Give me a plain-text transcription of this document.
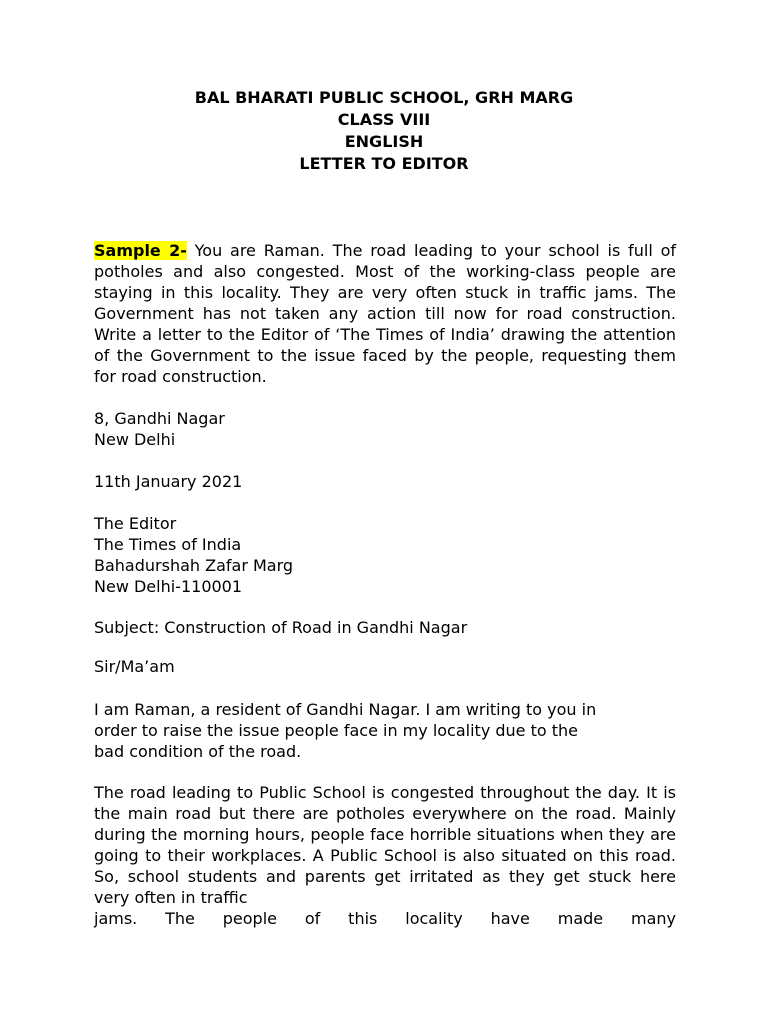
BAL BHARATI PUBLIC SCHOOL, GRH MARG
CLASS VIII
ENGLISH
LETTER TO EDITOR
Sample 2- You are Raman. The road leading to your school is full of potholes and also congested. Most of the working-class people are staying in this locality. They are very often stuck in traffic jams. The Government has not taken any action till now for road construction. Write a letter to the Editor of ‘The Times of India’ drawing the attention of the Government to the issue faced by the people, requesting them for road construction.
8, Gandhi Nagar
New Delhi
11th January 2021
The Editor
The Times of India
Bahadurshah Zafar Marg
New Delhi-110001
Subject: Construction of Road in Gandhi Nagar
Sir/Ma’am
I am Raman, a resident of Gandhi Nagar. I am writing to you in
order to raise the issue people face in my locality due to the
bad condition of the road.
The road leading to Public School is congested throughout the day. It is the main road but there are potholes everywhere on the road. Mainly during the morning hours, people face horrible situations when they are going to their workplaces. A Public School is also situated on this road. So, school students and parents get irritated as they get stuck here very often in traffic
jams. The people of this locality have made many
